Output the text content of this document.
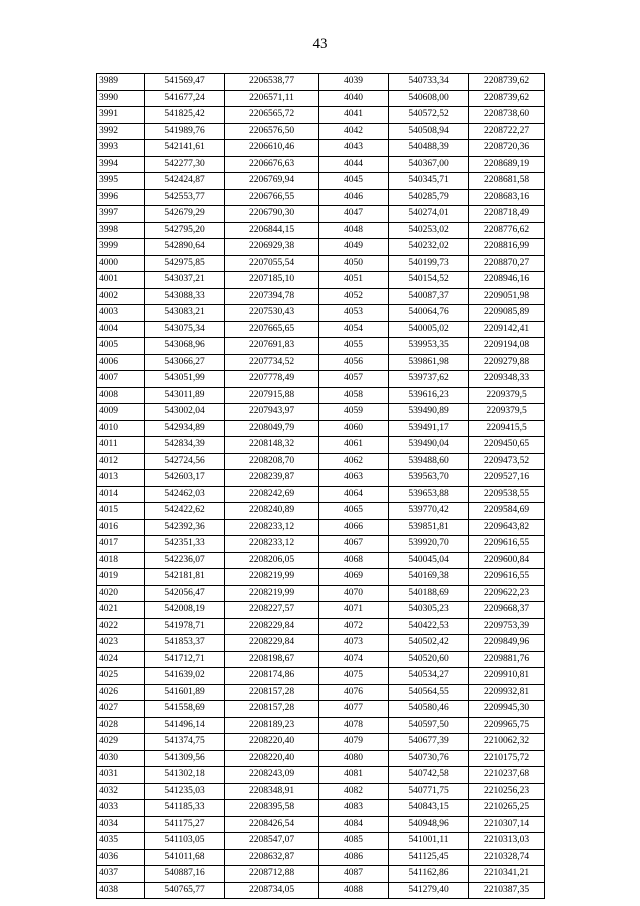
43
3989	541569,47	2206538,77	4039	540733,34	2208739,62
3990	541677,24	2206571,11	4040	540608,00	2208739,62
3991	541825,42	2206565,72	4041	540572,52	2208738,60
3992	541989,76	2206576,50	4042	540508,94	2208722,27
3993	542141,61	2206610,46	4043	540488,39	2208720,36
3994	542277,30	2206676,63	4044	540367,00	2208689,19
3995	542424,87	2206769,94	4045	540345,71	2208681,58
3996	542553,77	2206766,55	4046	540285,79	2208683,16
3997	542679,29	2206790,30	4047	540274,01	2208718,49
3998	542795,20	2206844,15	4048	540253,02	2208776,62
3999	542890,64	2206929,38	4049	540232,02	2208816,99
4000	542975,85	2207055,54	4050	540199,73	2208870,27
4001	543037,21	2207185,10	4051	540154,52	2208946,16
4002	543088,33	2207394,78	4052	540087,37	2209051,98
4003	543083,21	2207530,43	4053	540064,76	2209085,89
4004	543075,34	2207665,65	4054	540005,02	2209142,41
4005	543068,96	2207691,83	4055	539953,35	2209194,08
4006	543066,27	2207734,52	4056	539861,98	2209279,88
4007	543051,99	2207778,49	4057	539737,62	2209348,33
4008	543011,89	2207915,88	4058	539616,23	2209379,5
4009	543002,04	2207943,97	4059	539490,89	2209379,5
4010	542934,89	2208049,79	4060	539491,17	2209415,5
4011	542834,39	2208148,32	4061	539490,04	2209450,65
4012	542724,56	2208208,70	4062	539488,60	2209473,52
4013	542603,17	2208239,87	4063	539563,70	2209527,16
4014	542462,03	2208242,69	4064	539653,88	2209538,55
4015	542422,62	2208240,89	4065	539770,42	2209584,69
4016	542392,36	2208233,12	4066	539851,81	2209643,82
4017	542351,33	2208233,12	4067	539920,70	2209616,55
4018	542236,07	2208206,05	4068	540045,04	2209600,84
4019	542181,81	2208219,99	4069	540169,38	2209616,55
4020	542056,47	2208219,99	4070	540188,69	2209622,23
4021	542008,19	2208227,57	4071	540305,23	2209668,37
4022	541978,71	2208229,84	4072	540422,53	2209753,39
4023	541853,37	2208229,84	4073	540502,42	2209849,96
4024	541712,71	2208198,67	4074	540520,60	2209881,76
4025	541639,02	2208174,86	4075	540534,27	2209910,81
4026	541601,89	2208157,28	4076	540564,55	2209932,81
4027	541558,69	2208157,28	4077	540580,46	2209945,30
4028	541496,14	2208189,23	4078	540597,50	2209965,75
4029	541374,75	2208220,40	4079	540677,39	2210062,32
4030	541309,56	2208220,40	4080	540730,76	2210175,72
4031	541302,18	2208243,09	4081	540742,58	2210237,68
4032	541235,03	2208348,91	4082	540771,75	2210256,23
4033	541185,33	2208395,58	4083	540843,15	2210265,25
4034	541175,27	2208426,54	4084	540948,96	2210307,14
4035	541103,05	2208547,07	4085	541001,11	2210313,03
4036	541011,68	2208632,87	4086	541125,45	2210328,74
4037	540887,16	2208712,88	4087	541162,86	2210341,21
4038	540765,77	2208734,05	4088	541279,40	2210387,35
